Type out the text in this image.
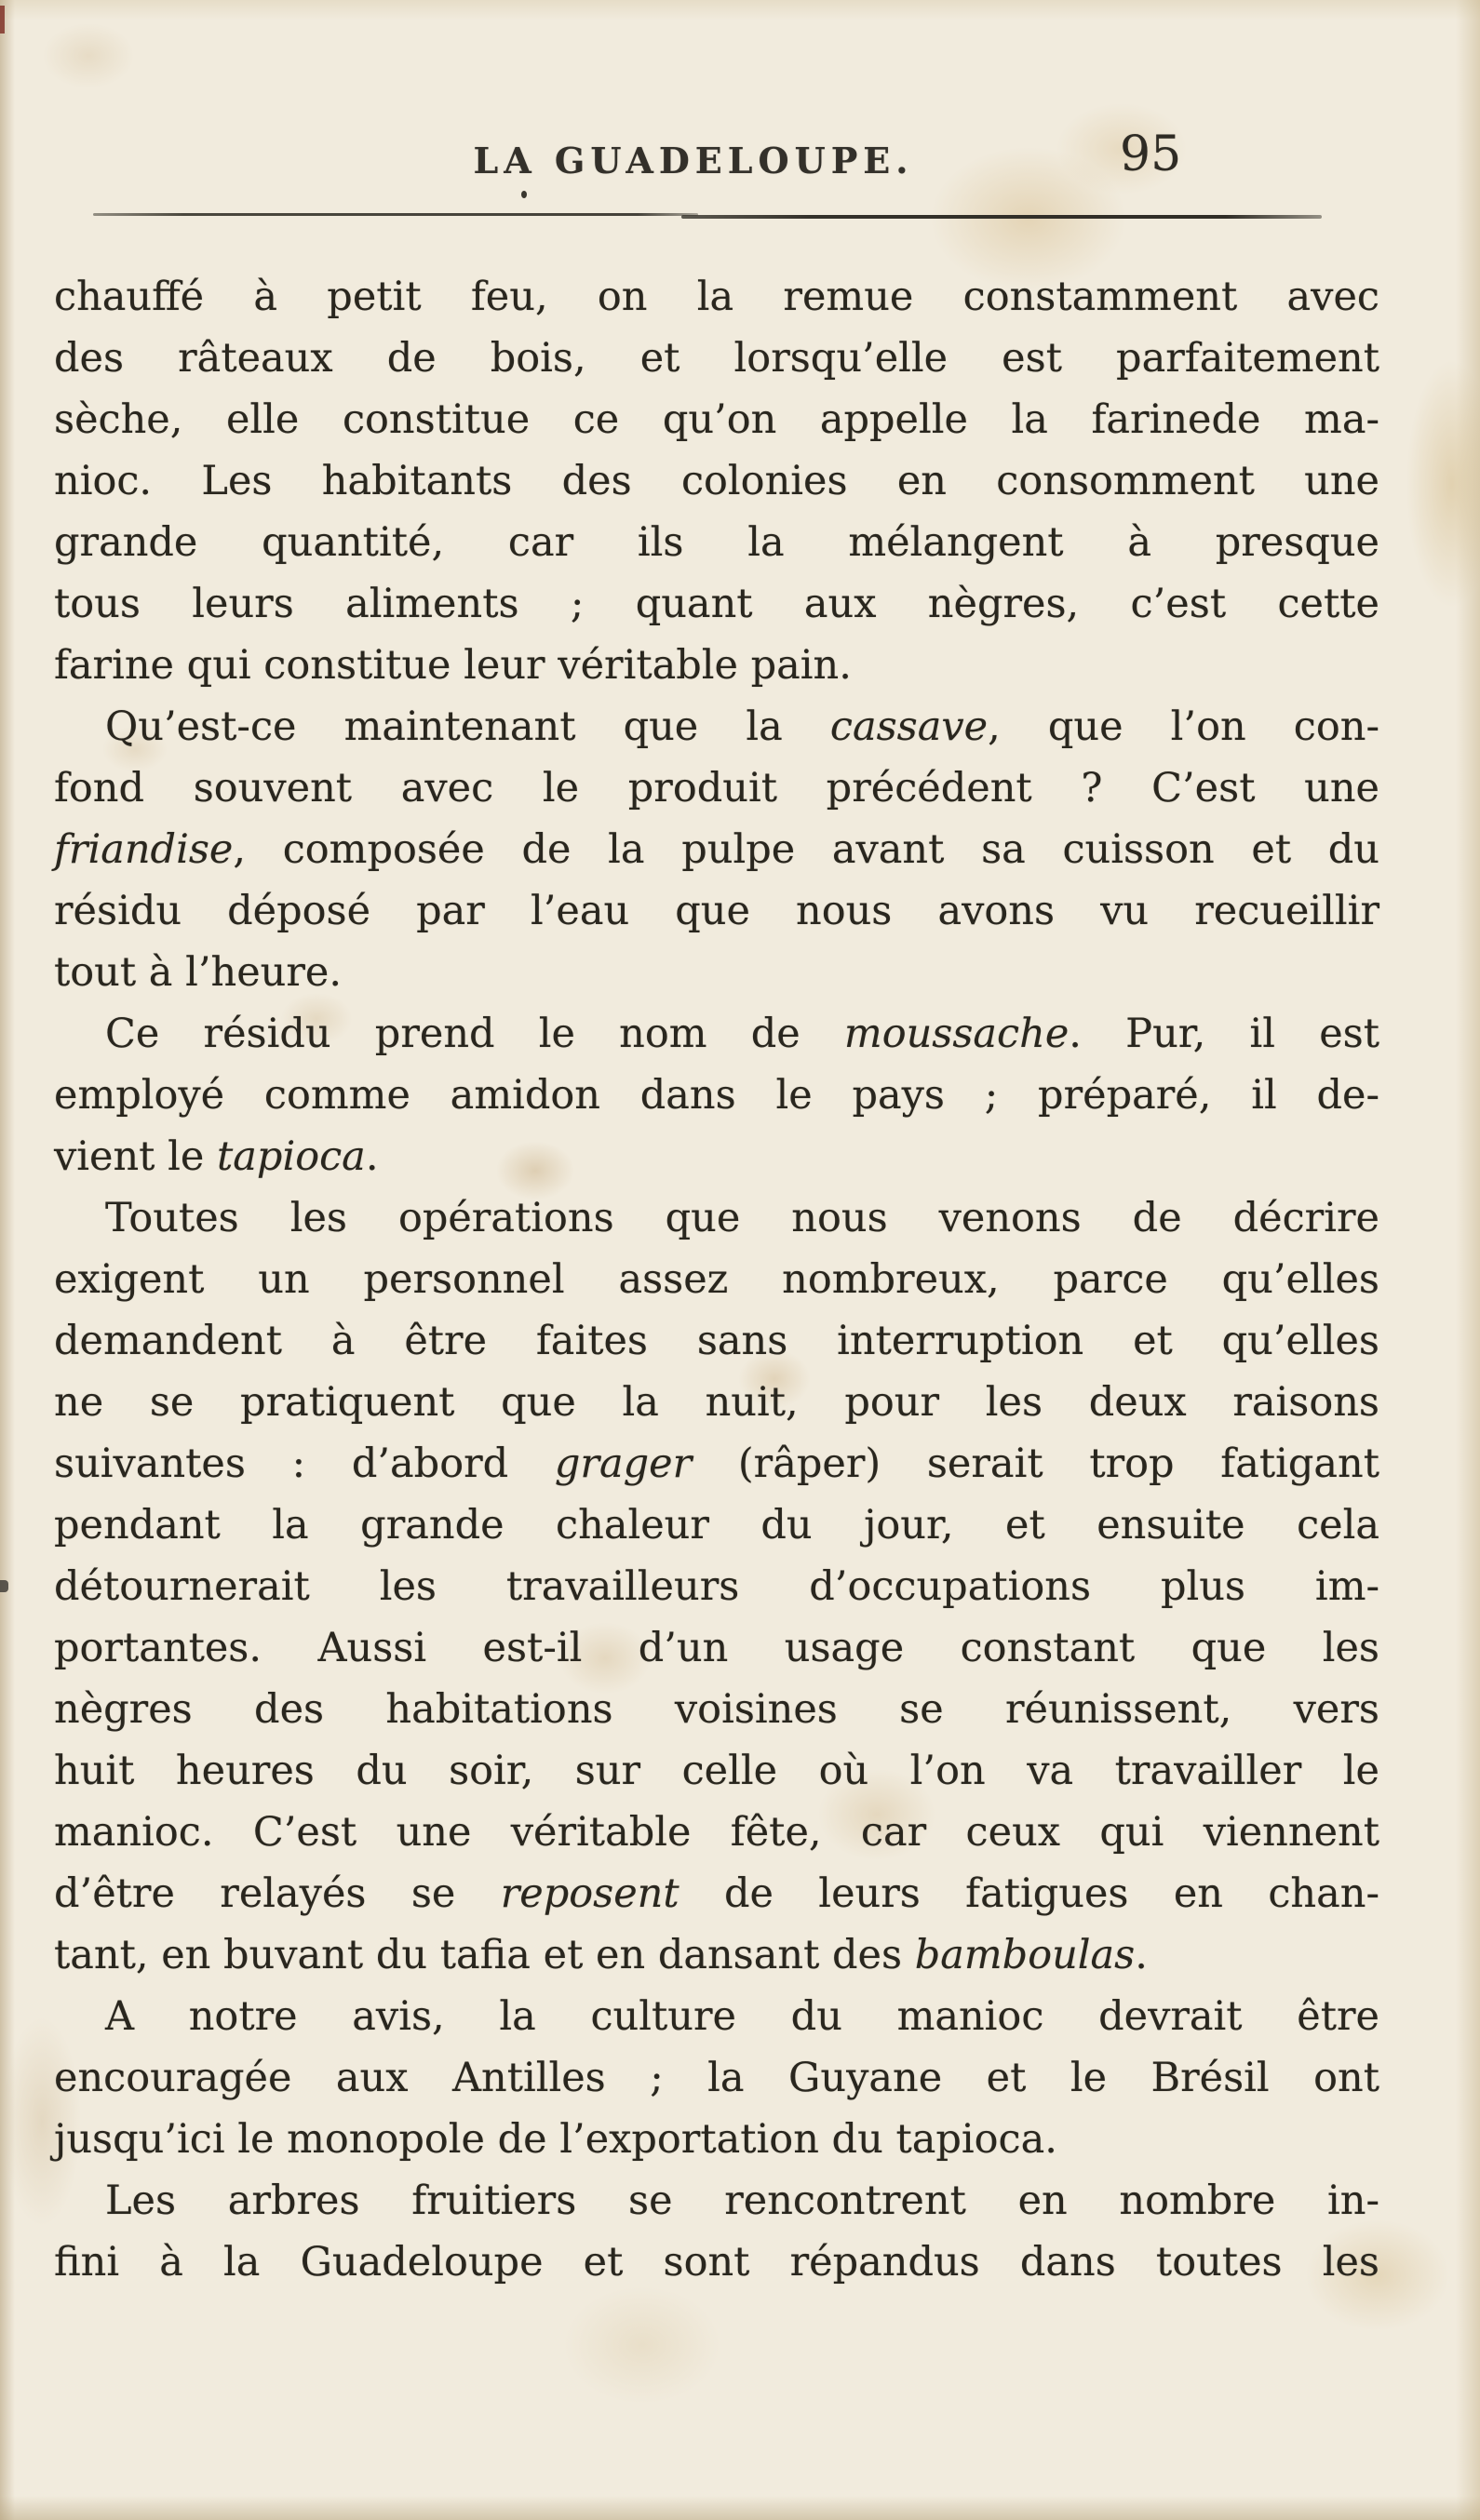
LA GUADELOUPE.	95
chauffé à petit feu, on la remue constamment avec
des râteaux de bois, et lorsqu’elle est parfaitement
sèche, elle constitue ce qu’on appelle la farinede ma-
nioc. Les habitants des colonies en consomment une
grande quantité, car ils la mélangent à presque
tous leurs aliments ; quant aux nègres, c’est cette
farine qui constitue leur véritable pain.
Qu’est-ce maintenant que la cassave, que l’on con-
fond souvent avec le produit précédent ? C’est une
friandise, composée de la pulpe avant sa cuisson et du
résidu déposé par l’eau que nous avons vu recueillir
tout à l’heure.
Ce résidu prend le nom de moussache. Pur, il est
employé comme amidon dans le pays ; préparé, il de-
vient le tapioca.
Toutes les opérations que nous venons de décrire
exigent un personnel assez nombreux, parce qu’elles
demandent à être faites sans interruption et qu’elles
ne se pratiquent que la nuit, pour les deux raisons
suivantes : d’abord grager (râper) serait trop fatigant
pendant la grande chaleur du jour, et ensuite cela
détournerait les travailleurs d’occupations plus im-
portantes. Aussi est-il d’un usage constant que les
nègres des habitations voisines se réunissent, vers
huit heures du soir, sur celle où l’on va travailler le
manioc. C’est une véritable fête, car ceux qui viennent
d’être relayés se reposent de leurs fatigues en chan-
tant, en buvant du tafia et en dansant des bamboulas.
A notre avis, la culture du manioc devrait être
encouragée aux Antilles ; la Guyane et le Brésil ont
jusqu’ici le monopole de l’exportation du tapioca.
Les arbres fruitiers se rencontrent en nombre in-
fini à la Guadeloupe et sont répandus dans toutes les
